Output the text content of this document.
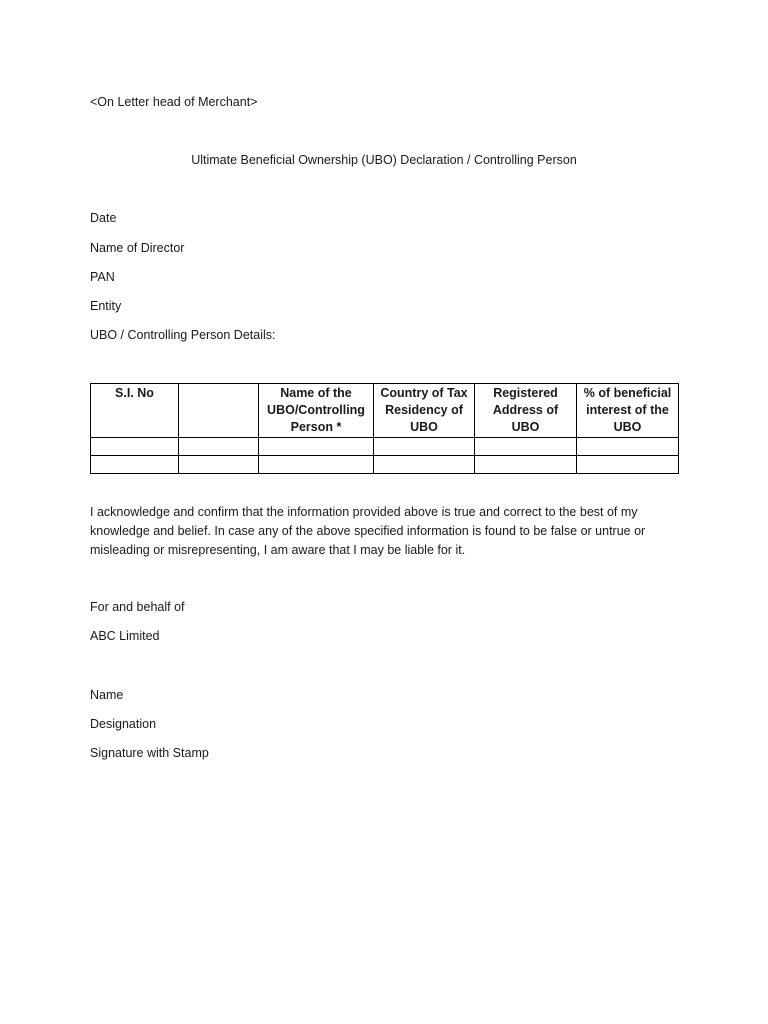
<On Letter head of Merchant>
Ultimate Beneficial Ownership (UBO) Declaration / Controlling Person
Date
Name of Director
PAN
Entity
UBO / Controlling Person Details:
S.I. No		Name of the UBO/Controlling Person *	Country of Tax Residency of UBO	Registered Address of UBO	% of beneficial interest of the UBO

I acknowledge and confirm that the information provided above is true and correct to the best of my knowledge and belief. In case any of the above specified information is found to be false or untrue or misleading or misrepresenting, I am aware that I may be liable for it.
For and behalf of
ABC Limited
Name
Designation
Signature with Stamp
